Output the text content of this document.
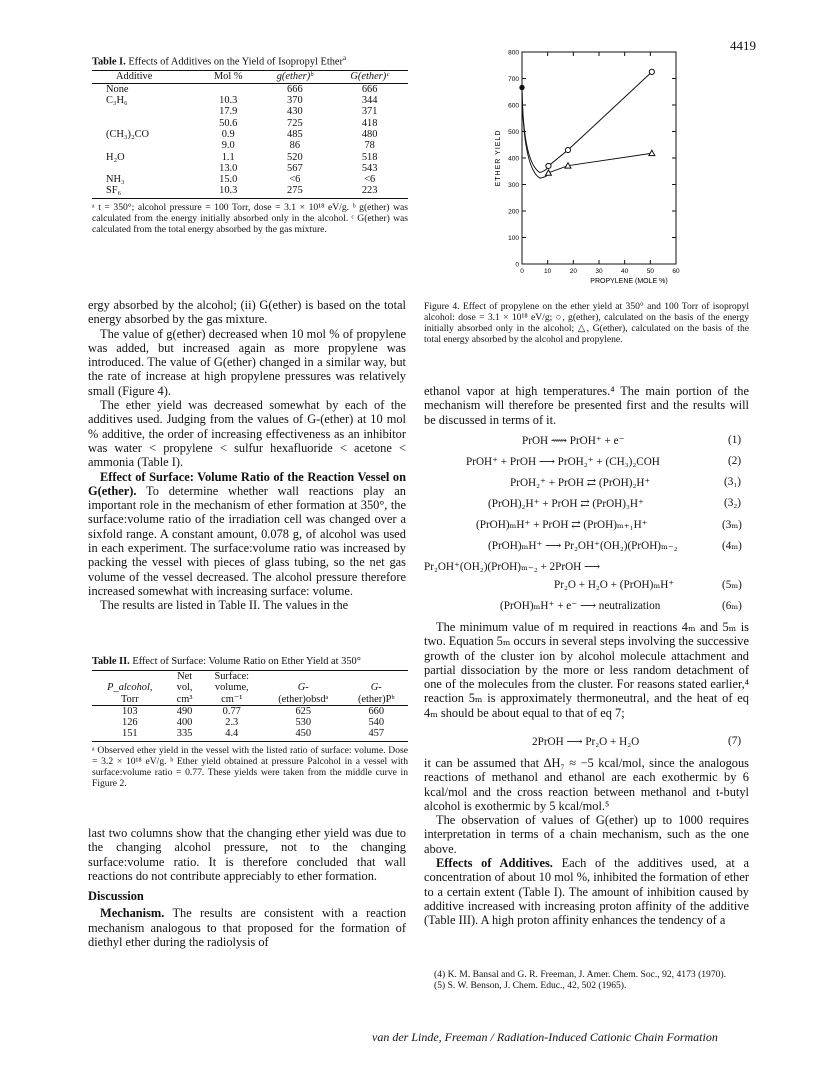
4419
Table I. Effects of Additives on the Yield of Isopropyl Ether$^a$
Additive	Mol %	g(ether)ᵇ	G(ether)ᶜ
None		666	666
C₃H₆	10.3	370	344
	17.9	430	371
	50.6	725	418
(CH₃)₂CO	0.9	485	480
	9.0	86	78
H₂O	1.1	520	518
	13.0	567	543
NH₃	15.0	<6	<6
SF₆	10.3	275	223
ᵃ t = 350°; alcohol pressure = 100 Torr, dose = 3.1 × 10¹⁸ eV/g. ᵇ g(ether) was calculated from the energy initially absorbed only in the alcohol. ᶜ G(ether) was calculated from the total energy absorbed by the gas mixture.
0
100
200
300
400
500
600
700
800
0	10	20	30	40	50	60
PROPYLENE (MOLE %)
ETHER YIELD
Figure 4. Effect of propylene on the ether yield at 350° and 100 Torr of isopropyl alcohol: dose = 3.1 × 10¹⁸ eV/g; ○, g(ether), calculated on the basis of the energy initially absorbed only in the alcohol; △, G(ether), calculated on the basis of the total energy absorbed by the alcohol and propylene.

ergy absorbed by the alcohol; (ii) G(ether) is based on the total energy absorbed by the gas mixture.

The value of g(ether) decreased when 10 mol % of propylene was added, but increased again as more propylene was introduced. The value of G(ether) changed in a similar way, but the rate of increase at high propylene pressures was relatively small (Figure 4).

The ether yield was decreased somewhat by each of the additives used. Judging from the values of G-(ether) at 10 mol % additive, the order of increasing effectiveness as an inhibitor was water < propylene < sulfur hexafluoride < acetone < ammonia (Table I).

Effect of Surface: Volume Ratio of the Reaction Vessel on G(ether). To determine whether wall reactions play an important role in the mechanism of ether formation at 350°, the surface:volume ratio of the irradiation cell was changed over a sixfold range. A constant amount, 0.078 g, of alcohol was used in each experiment. The surface:volume ratio was increased by packing the vessel with pieces of glass tubing, so the net gas volume of the vessel decreased. The alcohol pressure therefore increased somewhat with increasing surface: volume.

The results are listed in Table II. The values in the

Table II. Effect of Surface: Volume Ratio on Ether Yield at 350°
	Net	Surface:		
P_alcohol,	vol,	volume,	G-	G-
Torr	cm³	cm⁻¹	(ether)obsdᵃ	(ether)Pᵇ
103	490	0.77	625	660
126	400	2.3	530	540
151	335	4.4	450	457
ᵃ Observed ether yield in the vessel with the listed ratio of surface: volume. Dose = 3.2 × 10¹⁸ eV/g. ᵇ Ether yield obtained at pressure Palcohol in a vessel with surface:volume ratio = 0.77. These yields were taken from the middle curve in Figure 2.

last two columns show that the changing ether yield was due to the changing alcohol pressure, not to the changing surface:volume ratio. It is therefore concluded that wall reactions do not contribute appreciably to ether formation.

Discussion

Mechanism. The results are consistent with a reaction mechanism analogous to that proposed for the formation of diethyl ether during the radiolysis of

ethanol vapor at high temperatures.⁴ The main portion of the mechanism will therefore be presented first and the results will be discussed in terms of it.

PrOH ⟿ PrOH⁺ + e⁻	(1)
PrOH⁺ + PrOH ⟶ PrOH₂⁺ + (CH₃)₂COH	(2)
PrOH₂⁺ + PrOH ⇄ (PrOH)₂H⁺	(3₁)
(PrOH)₂H⁺ + PrOH ⇄ (PrOH)₃H⁺	(3₂)
(PrOH)ₘH⁺ + PrOH ⇄ (PrOH)ₘ₊₁H⁺	(3ₘ)
(PrOH)ₘH⁺ ⟶ Pr₂OH⁺(OH₂)(PrOH)ₘ₋₂	(4ₘ)
Pr₂OH⁺(OH₂)(PrOH)ₘ₋₂ + 2PrOH ⟶
Pr₂O + H₂O + (PrOH)ₘH⁺	(5ₘ)
(PrOH)ₘH⁺ + e⁻ ⟶ neutralization	(6ₘ)

The minimum value of m required in reactions 4ₘ and 5ₘ is two. Equation 5ₘ occurs in several steps involving the successive growth of the cluster ion by alcohol molecule attachment and partial dissociation by the more or less random detachment of one of the molecules from the cluster. For reasons stated earlier,⁴ reaction 5ₘ is approximately thermoneutral, and the heat of eq 4ₘ should be about equal to that of eq 7;

2PrOH ⟶ Pr₂O + H₂O	(7)

it can be assumed that ΔH₇ ≈ −5 kcal/mol, since the analogous reactions of methanol and ethanol are each exothermic by 6 kcal/mol and the cross reaction between methanol and t-butyl alcohol is exothermic by 5 kcal/mol.⁵

The observation of values of G(ether) up to 1000 requires interpretation in terms of a chain mechanism, such as the one above.

Effects of Additives. Each of the additives used, at a concentration of about 10 mol %, inhibited the formation of ether to a certain extent (Table I). The amount of inhibition caused by additive increased with increasing proton affinity of the additive (Table III). A high proton affinity enhances the tendency of a

(4) K. M. Bansal and G. R. Freeman, J. Amer. Chem. Soc., 92, 4173 (1970).
(5) S. W. Benson, J. Chem. Educ., 42, 502 (1965).
van der Linde, Freeman / Radiation-Induced Cationic Chain Formation
